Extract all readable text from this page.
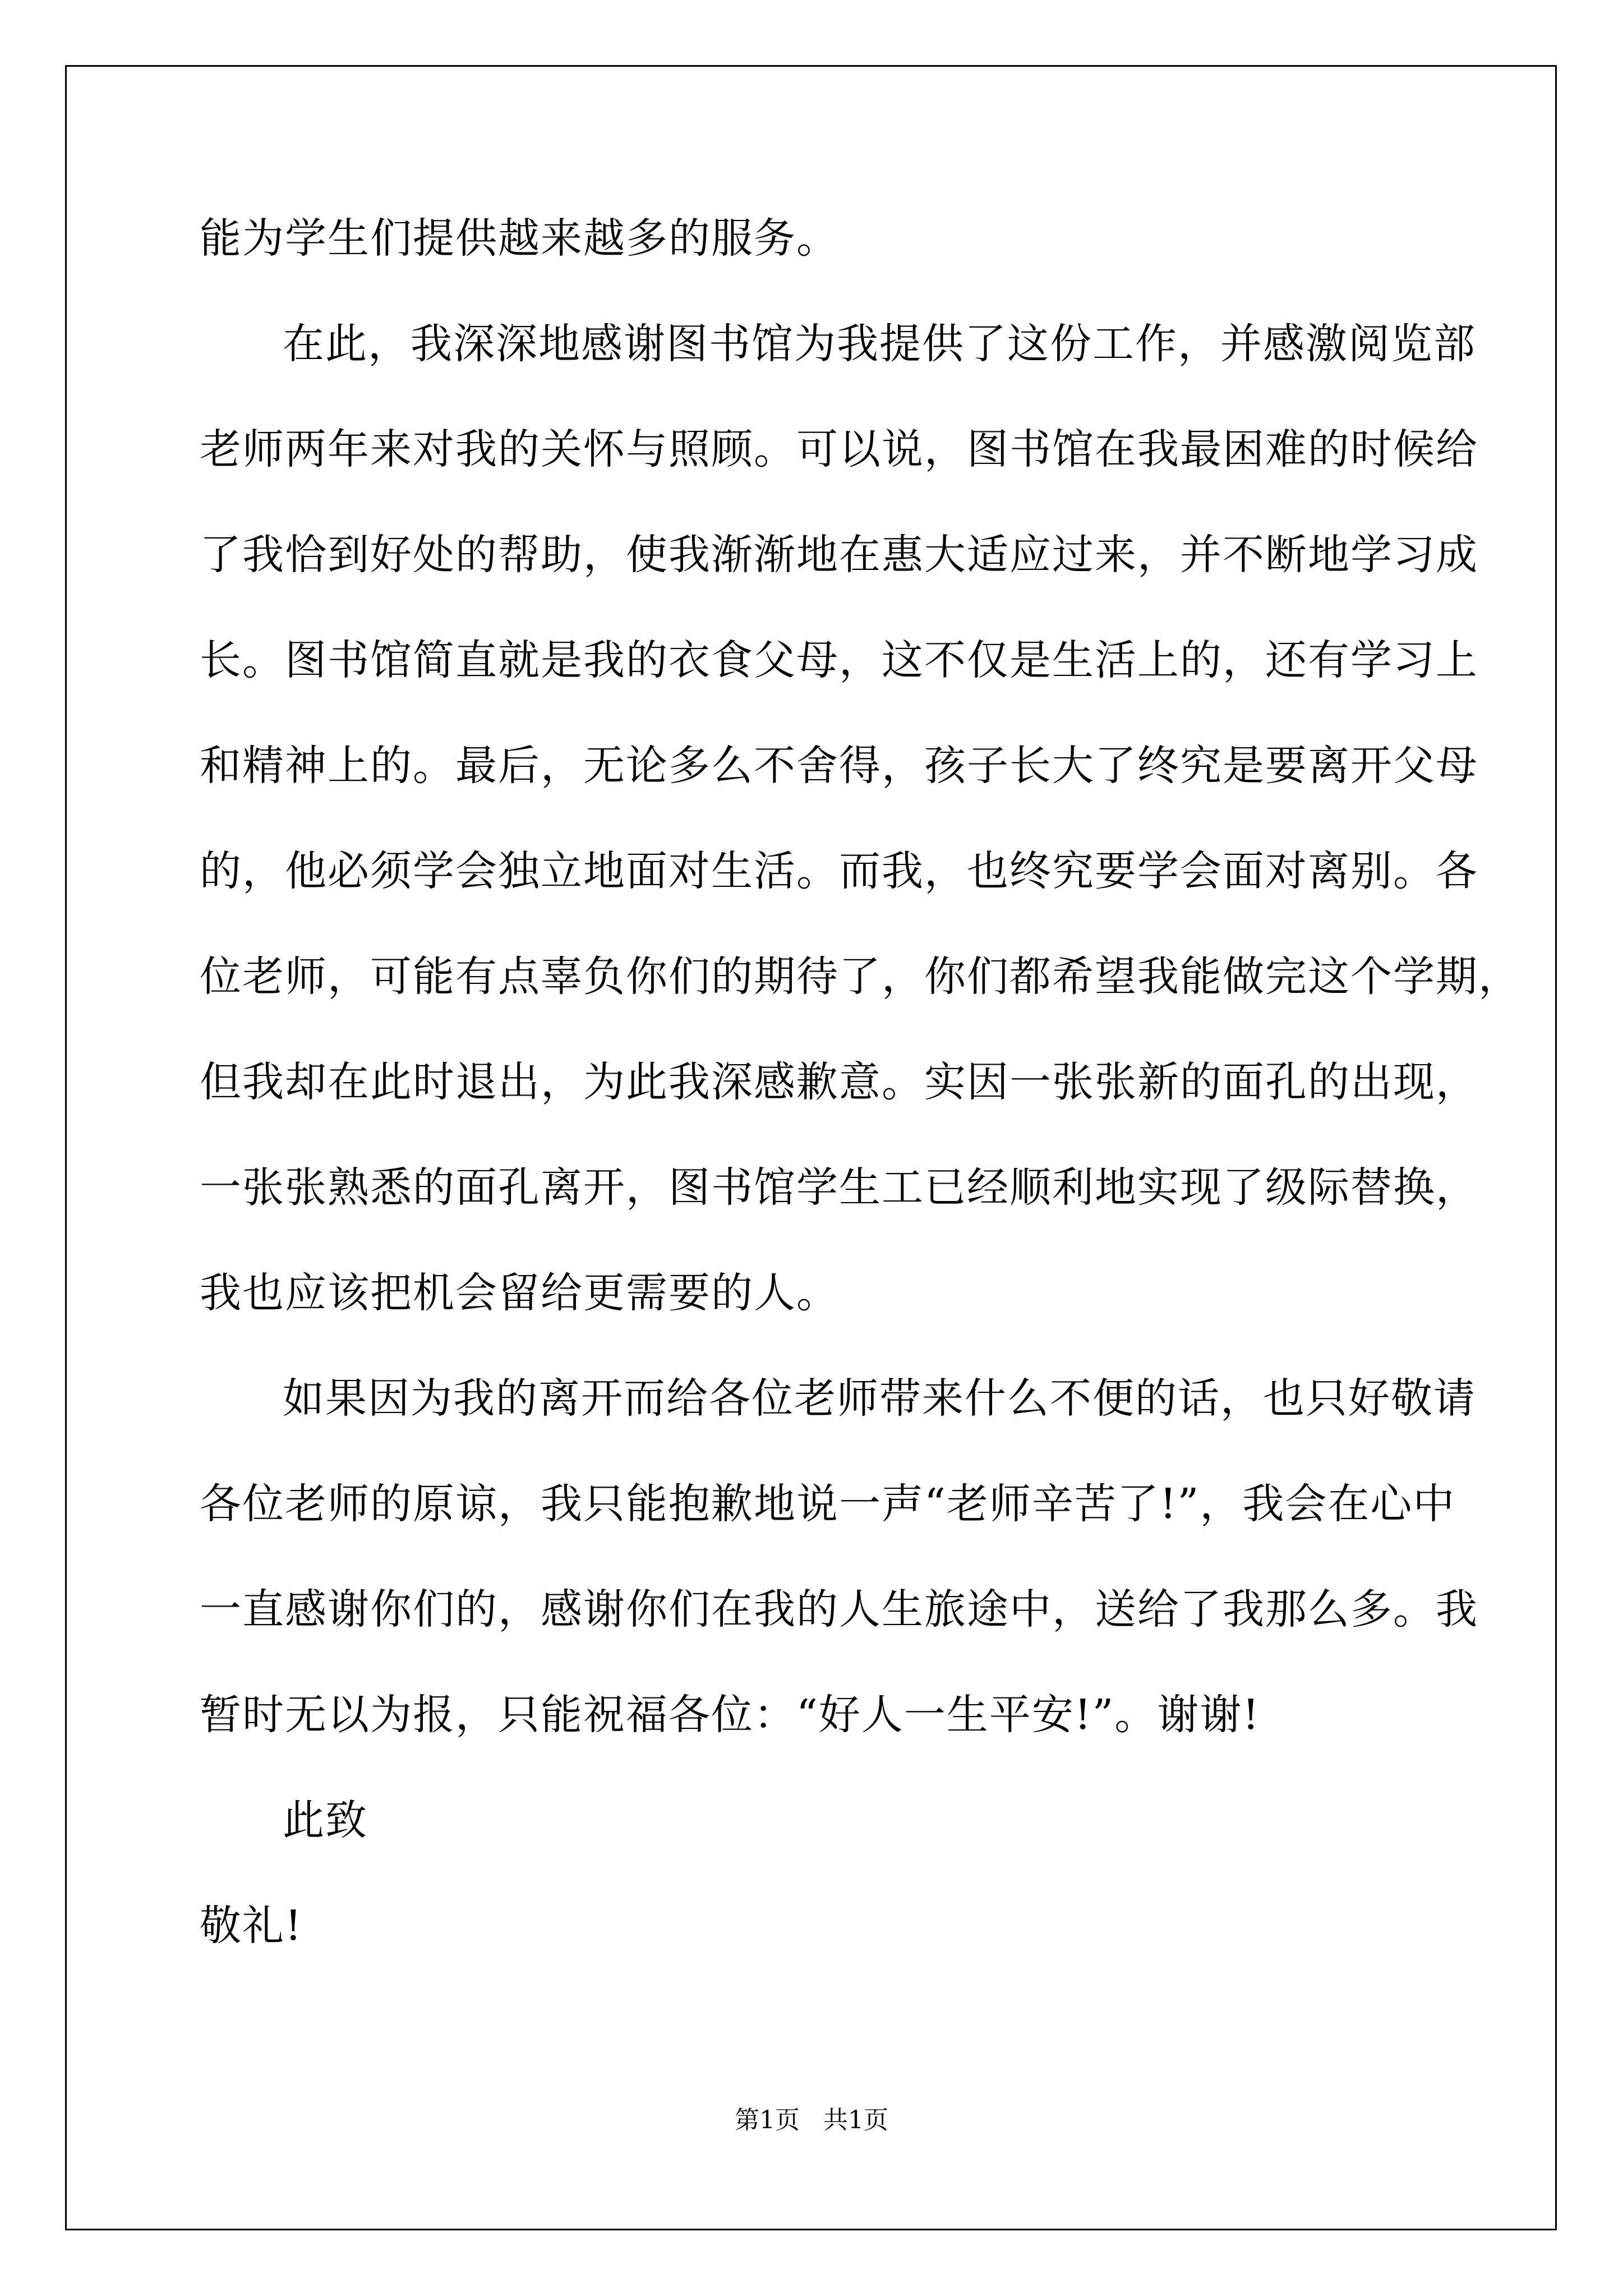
能为学生们提供越来越多的服务。
在此，我深深地感谢图书馆为我提供了这份工作，并感激阅览部
老师两年来对我的关怀与照顾。可以说，图书馆在我最困难的时候给
了我恰到好处的帮助，使我渐渐地在惠大适应过来，并不断地学习成
长。图书馆简直就是我的衣食父母，这不仅是生活上的，还有学习上
和精神上的。最后，无论多么不舍得，孩子长大了终究是要离开父母
的，他必须学会独立地面对生活。而我，也终究要学会面对离别。各
位老师，可能有点辜负你们的期待了，你们都希望我能做完这个学期，
但我却在此时退出，为此我深感歉意。实因一张张新的面孔的出现，
一张张熟悉的面孔离开，图书馆学生工已经顺利地实现了级际替换，
我也应该把机会留给更需要的人。
如果因为我的离开而给各位老师带来什么不便的话，也只好敬请
各位老师的原谅，我只能抱歉地说一声“老师辛苦了!”，我会在心中
一直感谢你们的，感谢你们在我的人生旅途中，送给了我那么多。我
暂时无以为报，只能祝福各位：“好人一生平安!”。谢谢!
此致
敬礼!
第1页   共1页
